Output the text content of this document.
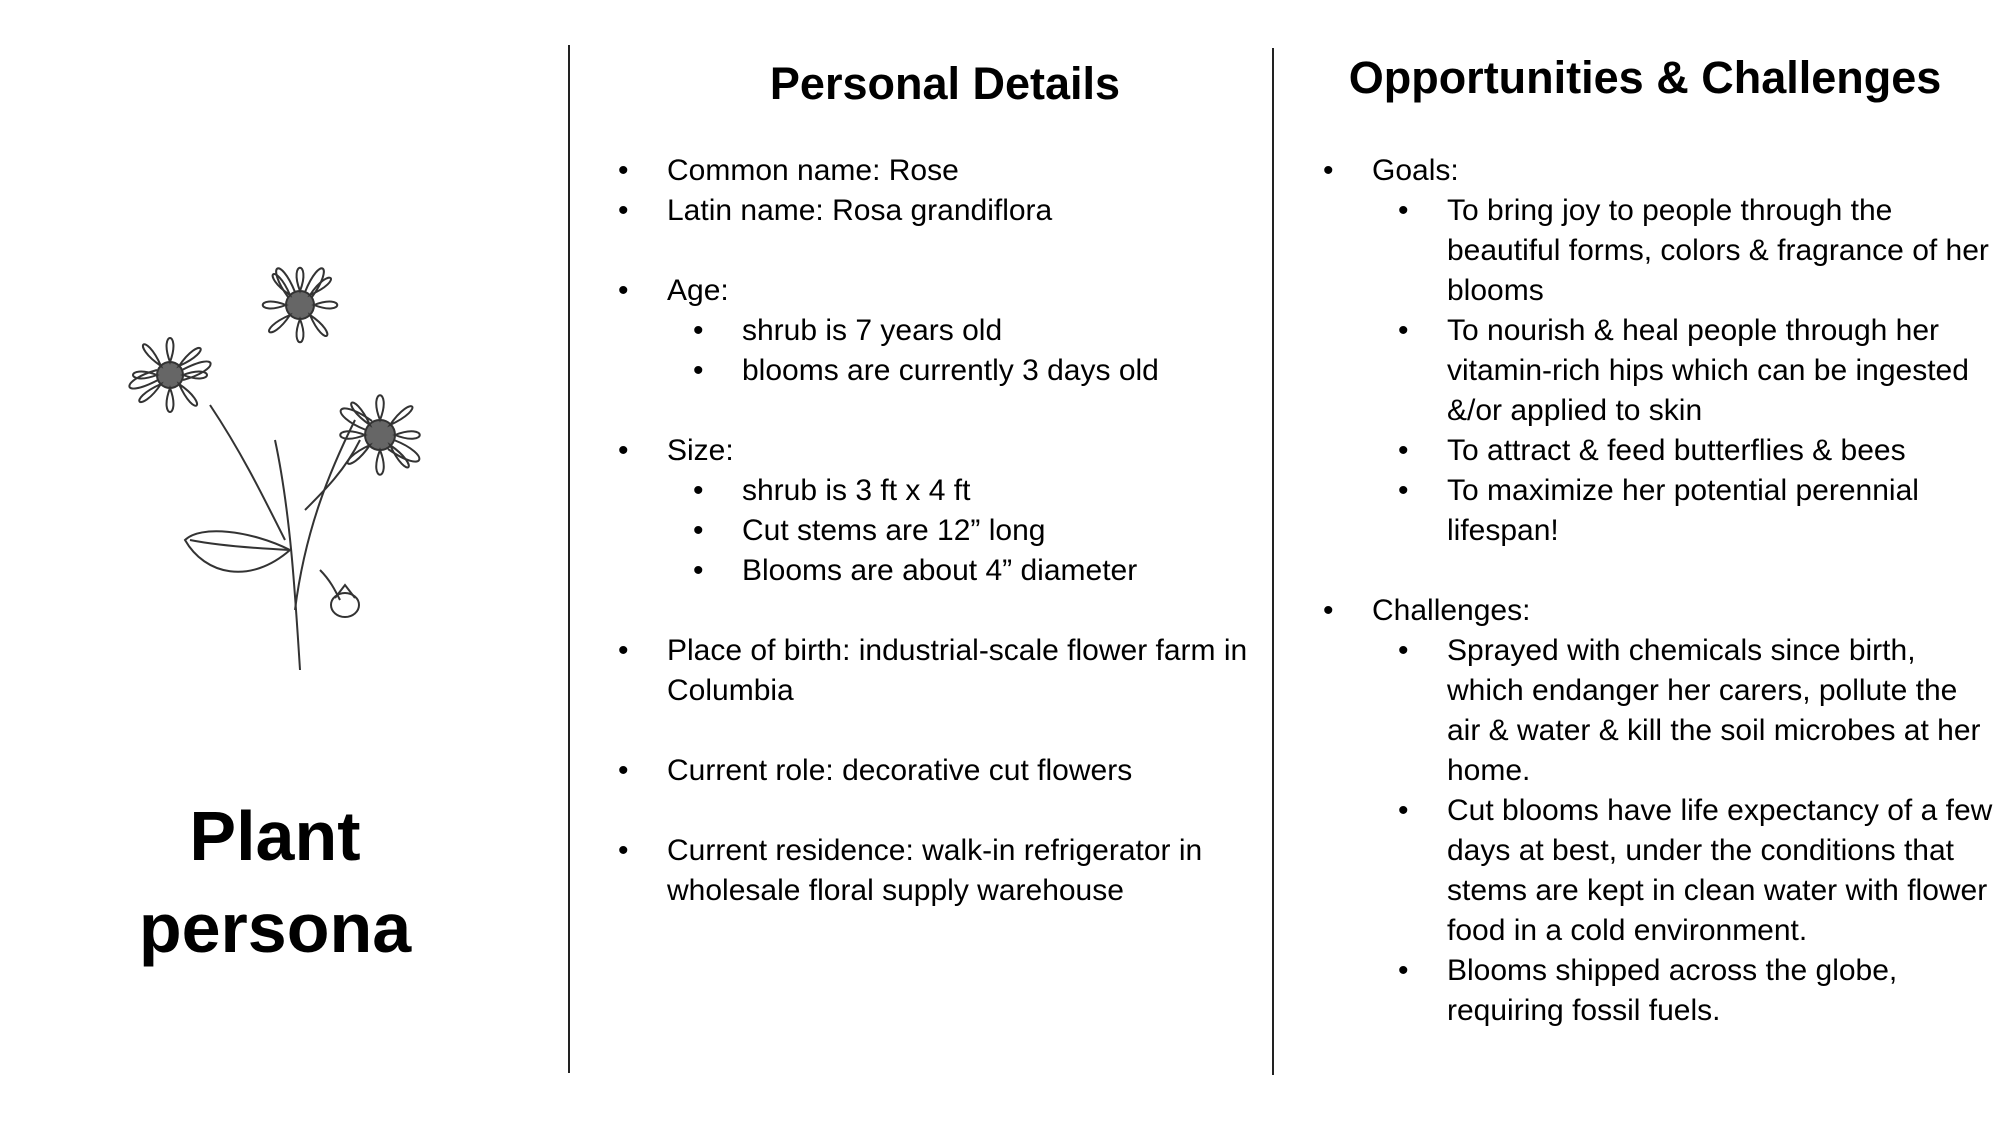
Plant
persona
Personal Details
• Common name: Rose
• Latin name: Rosa grandiflora
• Age:
• shrub is 7 years old
• blooms are currently 3 days old
• Size:
• shrub is 3 ft x 4 ft
• Cut stems are 12” long
• Blooms are about 4” diameter
• Place of birth: industrial-scale flower farm in Columbia
• Current role: decorative cut flowers
• Current residence: walk-in refrigerator in wholesale floral supply warehouse
Opportunities & Challenges
• Goals:
• To bring joy to people through the beautiful forms, colors & fragrance of her blooms
• To nourish & heal people through her vitamin-rich hips which can be ingested &/or applied to skin
• To attract & feed butterflies & bees
• To maximize her potential perennial lifespan!
• Challenges:
• Sprayed with chemicals since birth, which endanger her carers, pollute the air & water & kill the soil microbes at her home.
• Cut blooms have life expectancy of a few days at best, under the conditions that stems are kept in clean water with flower food in a cold environment.
• Blooms shipped across the globe, requiring fossil fuels.
